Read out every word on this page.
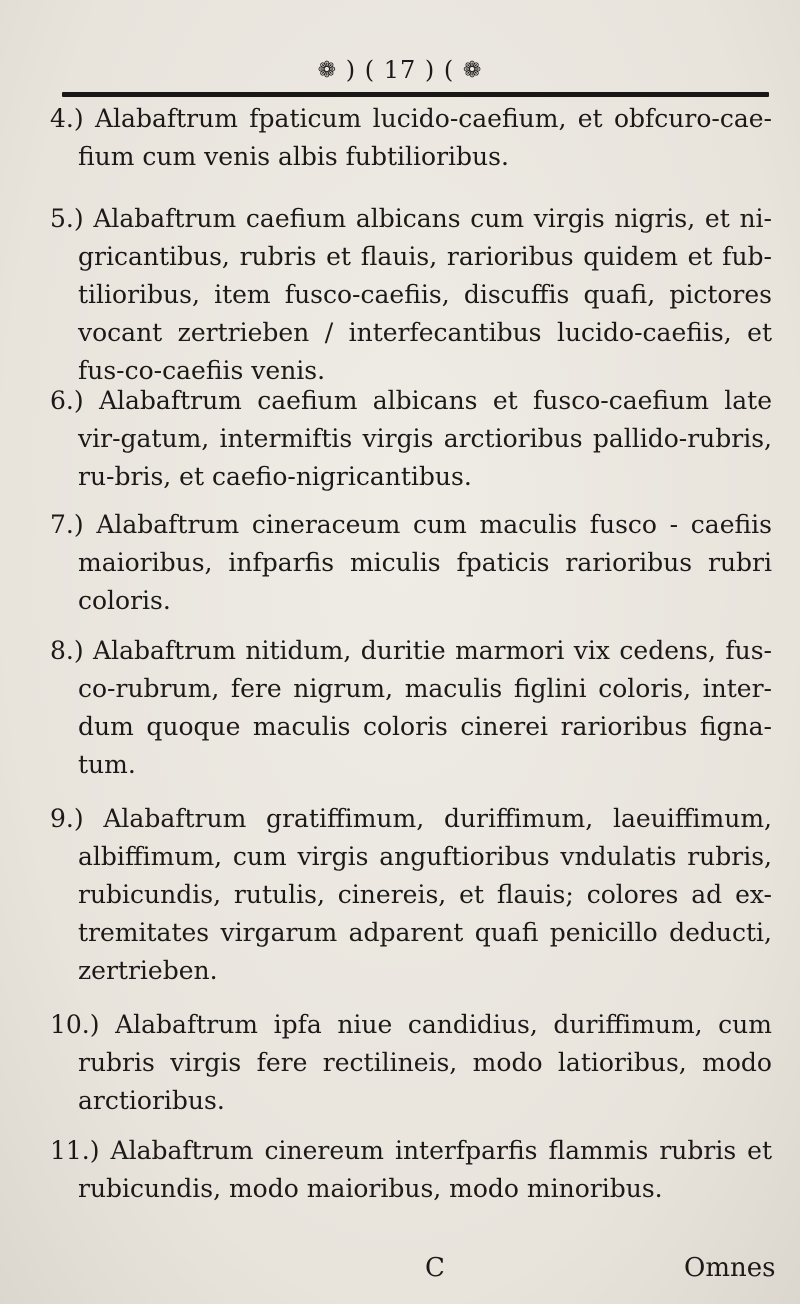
❁ ) ( 17 ) ( ❁
4.) Alabaftrum fpaticum lucido-caefium, et obfcuro-cae-fium cum venis albis fubtilioribus.
5.) Alabaftrum caefium albicans cum virgis nigris, et ni-gricantibus, rubris et flauis, rarioribus quidem et fub-tilioribus, item fusco-caefiis, discuffis quafi, pictores vocant zertrieben / interfecantibus lucido-caefiis, et fus-co-caefiis venis.
6.) Alabaftrum caefium albicans et fusco-caefium late vir-gatum, intermiftis virgis arctioribus pallido-rubris, ru-bris, et caefio-nigricantibus.
7.) Alabaftrum cineraceum cum maculis fusco - caefiis maioribus, infparfis miculis fpaticis rarioribus rubri coloris.
8.) Alabaftrum nitidum, duritie marmori vix cedens, fus-co-rubrum, fere nigrum, maculis figlini coloris, inter-dum quoque maculis coloris cinerei rarioribus figna-tum.
9.) Alabaftrum gratiffimum, duriffimum, laeuiffimum, albiffimum, cum virgis anguftioribus vndulatis rubris, rubicundis, rutulis, cinereis, et flauis; colores ad ex-tremitates virgarum adparent quafi penicillo deducti, zertrieben.
10.) Alabaftrum ipfa niue candidius, duriffimum, cum rubris virgis fere rectilineis, modo latioribus, modo arctioribus.
11.) Alabaftrum cinereum interfparfis flammis rubris et rubicundis, modo maioribus, modo minoribus.
C	Omnes
